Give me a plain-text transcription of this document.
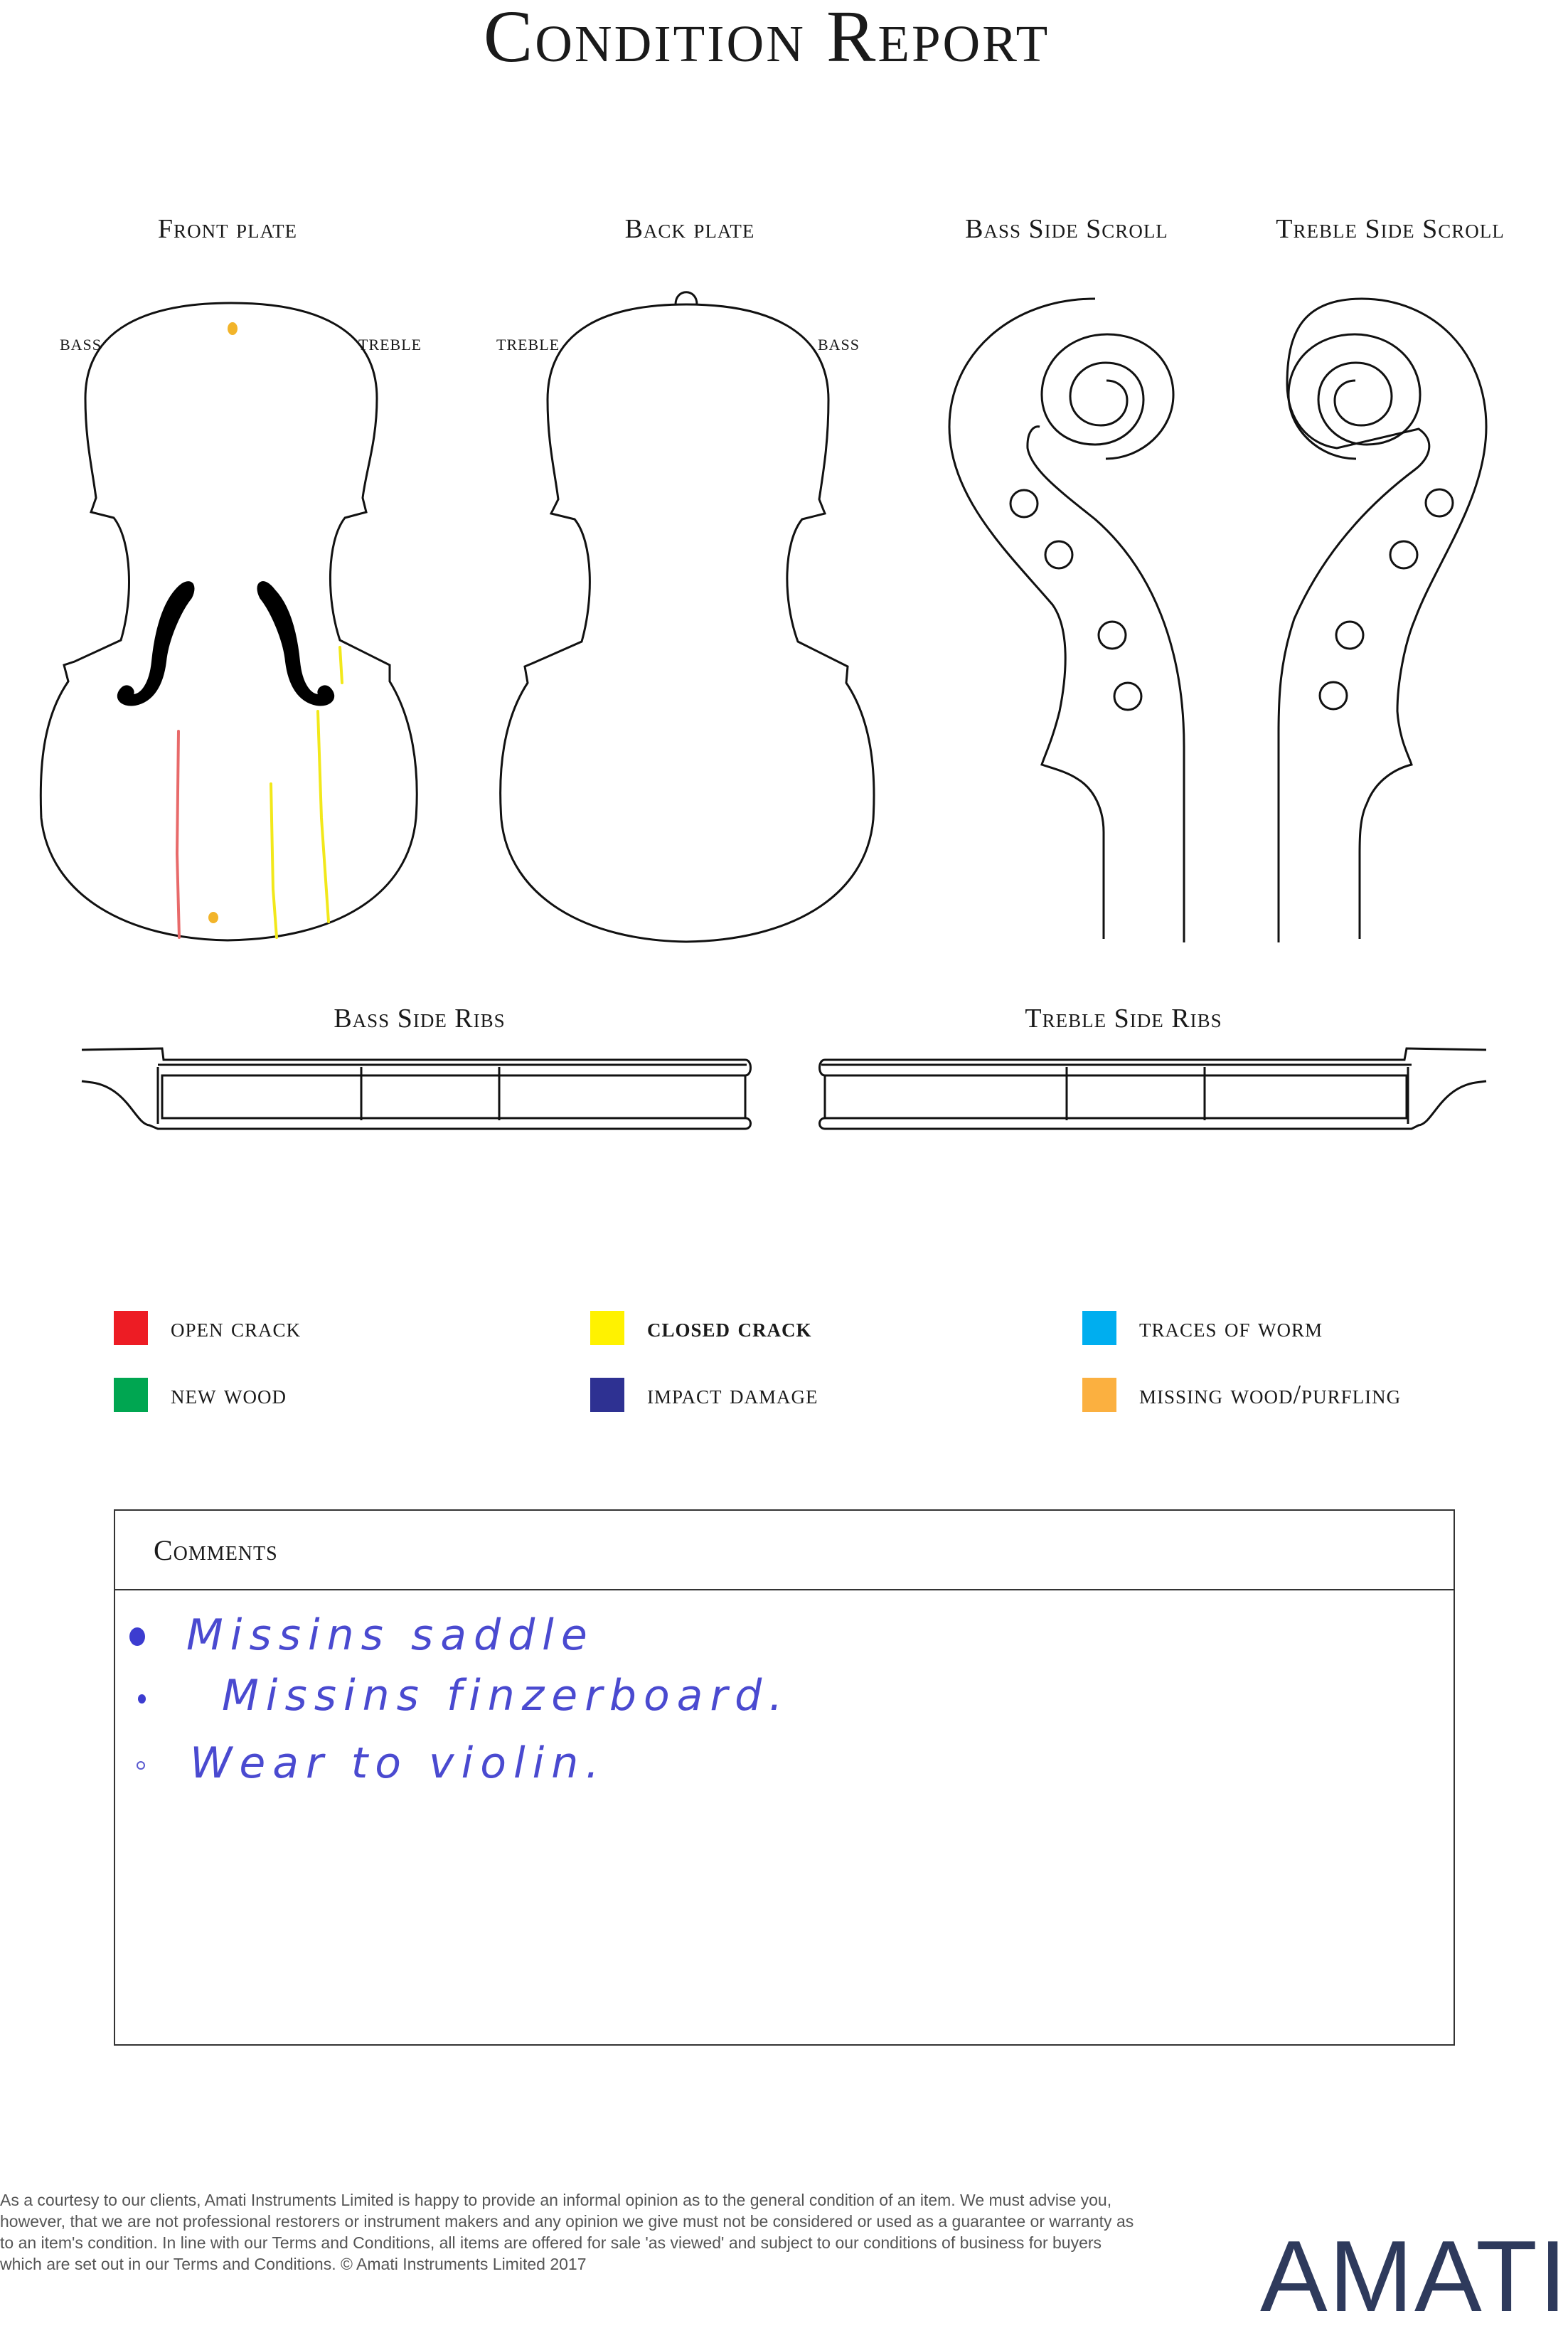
Condition Report
Front plate	Back plate	Bass Side Scroll	Treble Side Scroll
Bass Side Ribs	Treble Side Ribs
BASS	TREBLE	TREBLE	BASS
open crack	closed crack	traces of worm
new wood	impact damage	missing wood/purfling
Comments
Missins saddle
Missins finzerboard.
Wear to violin.
As a courtesy to our clients, Amati Instruments Limited is happy to provide an informal opinion as to the general condition of an item. We must advise you, however, that we are not professional restorers or instrument makers and any opinion we give must not be considered or used as a guarantee or warranty as to an item's condition. In line with our Terms and Conditions, all items are offered for sale 'as viewed' and subject to our conditions of business for buyers which are set out in our Terms and Conditions. © Amati Instruments Limited 2017	AMATI
